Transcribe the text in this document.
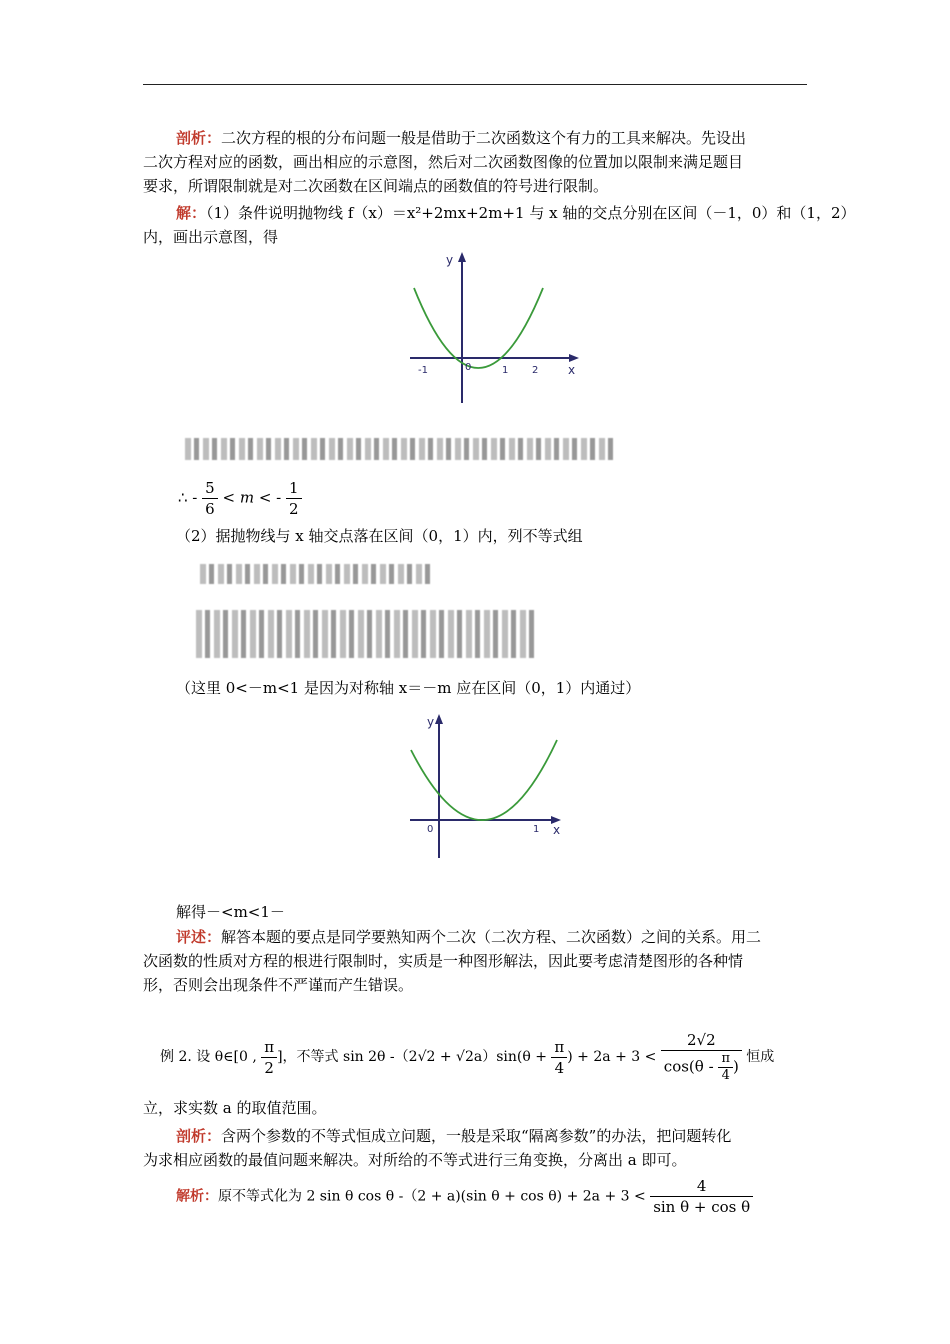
剖析：二次方程的根的分布问题一般是借助于二次函数这个有力的工具来解决。先设出
二次方程对应的函数，画出相应的示意图，然后对二次函数图像的位置加以限制来满足题目
要求，所谓限制就是对二次函数在区间端点的函数值的符号进行限制。
解：（1）条件说明抛物线 f（x）＝x²+2mx+2m+1 与 x 轴的交点分别在区间（－1，0）和（1，2）
内，画出示意图，得
y
x
-1	0	1 2
∴ - $\frac{5}{6} < m$ < - $\frac{1}{2}$
（2）据抛物线与 x 轴交点落在区间（0，1）内，列不等式组
（这里 0<－m<1 是因为对称轴 x＝－m 应在区间（0，1）内通过）
y
x
0	1
解得－<m<1－
评述：解答本题的要点是同学要熟知两个二次（二次方程、二次函数）之间的关系。用二
次函数的性质对方程的根进行限制时，实质是一种图形解法，因此要考虑清楚图形的各种情
形，否则会出现条件不严谨而产生错误。
例 2. 设 θ∈[0 , $\frac{\pi}{2}$ ]，不等式 sin 2θ $-(2√2 + √2a)\sin(\theta + \frac{\pi}{4}$ ) + $2a + 3 < \frac{2√2}{\cos(\theta - \frac{\pi}{4} )}$ 恒成
立，求实数 a 的取值范围。
剖析：含两个参数的不等式恒成立问题，一般是采取“隔离参数”的办法，把问题转化
为求相应函数的最值问题来解决。对所给的不等式进行三角变换，分离出 a 即可。
解析：原不等式化为 2 sin θ cos θ -（2 + a)(sin $\theta + \cos \theta) + 2a + 3 < \frac{4}{\text{sin θ + cos θ}}$
